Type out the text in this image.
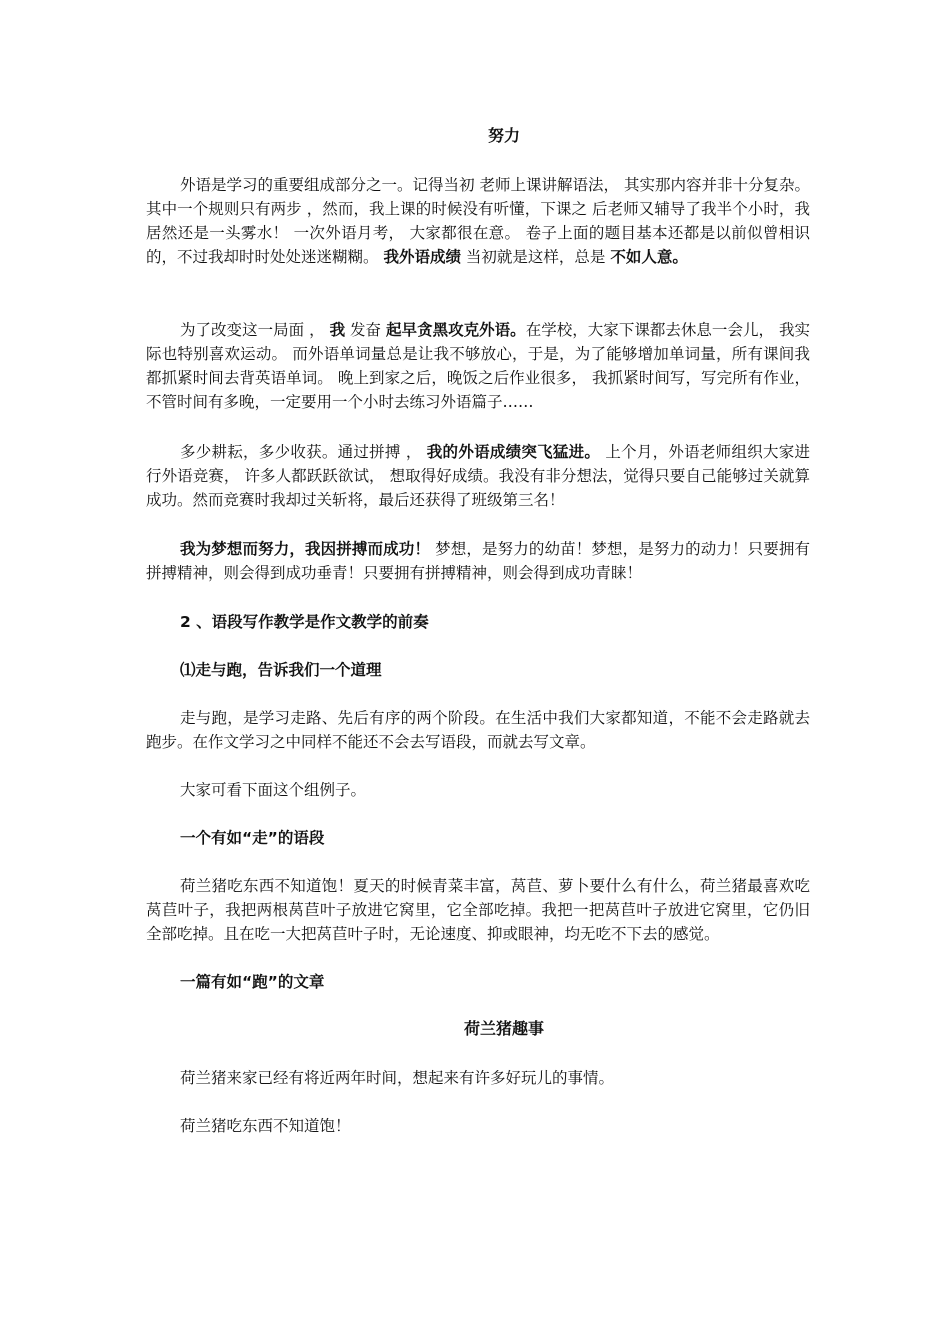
努力

外语是学习的重要组成部分之一。记得当初 老师上课讲解语法， 其实那内容并非十分复杂。 其中一个规则只有两步 ，然而，我上课的时候没有听懂，下课之 后老师又辅导了我半个小时，我居然还是一头雾水！ 一次外语月考， 大家都很在意。 卷子上面的题目基本还都是以前似曾相识的，不过我却时时处处迷迷糊糊。 我外语成绩 当初就是这样，总是 不如人意。

为了改变这一局面 ， 我 发奋 起早贪黑攻克外语。在学校，大家下课都去休息一会儿， 我实际也特别喜欢运动。 而外语单词量总是让我不够放心，于是，为了能够增加单词量，所有课间我都抓紧时间去背英语单词。 晚上到家之后，晚饭之后作业很多， 我抓紧时间写，写完所有作业，不管时间有多晚，一定要用一个小时去练习外语篇子……

多少耕耘，多少收获。通过拼搏 ， 我的外语成绩突飞猛进。 上个月，外语老师组织大家进行外语竞赛， 许多人都跃跃欲试， 想取得好成绩。我没有非分想法，觉得只要自己能够过关就算成功。然而竞赛时我却过关斩将，最后还获得了班级第三名！

我为梦想而努力，我因拼搏而成功！ 梦想，是努力的幼苗！梦想，是努力的动力！只要拥有拼搏精神，则会得到成功垂青！只要拥有拼搏精神，则会得到成功青睐！

2 、语段写作教学是作文教学的前奏

⑴走与跑，告诉我们一个道理

走与跑，是学习走路、先后有序的两个阶段。在生活中我们大家都知道，不能不会走路就去跑步。在作文学习之中同样不能还不会去写语段，而就去写文章。

大家可看下面这个组例子。

一个有如“走”的语段

荷兰猪吃东西不知道饱！夏天的时候青菜丰富，莴苣、萝卜要什么有什么，荷兰猪最喜欢吃莴苣叶子，我把两根莴苣叶子放进它窝里，它全部吃掉。我把一把莴苣叶子放进它窝里，它仍旧全部吃掉。且在吃一大把莴苣叶子时，无论速度、抑或眼神，均无吃不下去的感觉。

一篇有如“跑”的文章

荷兰猪趣事

荷兰猪来家已经有将近两年时间，想起来有许多好玩儿的事情。

荷兰猪吃东西不知道饱！
